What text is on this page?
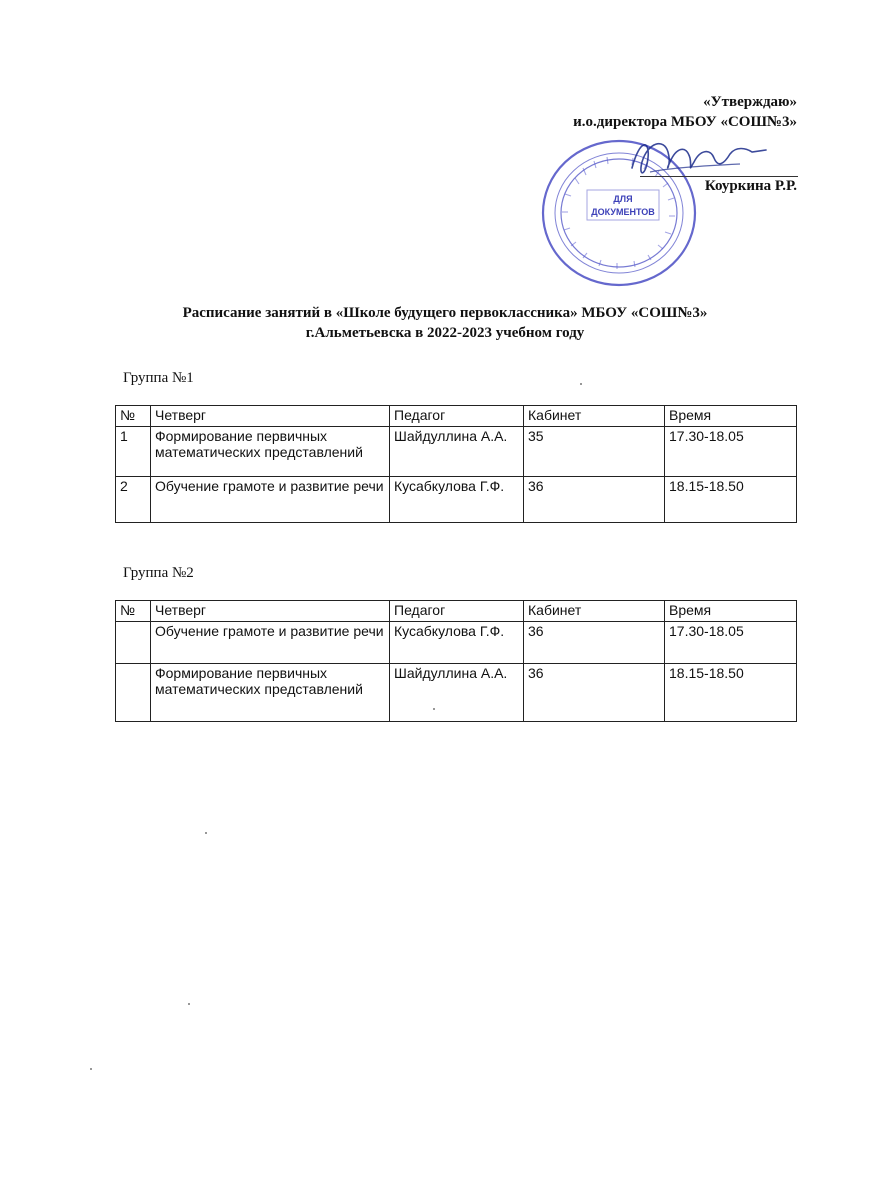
«Утверждаю»
и.о.директора МБОУ «СОШ№3»
ДЛЯ
ДОКУМЕНТОВ
Коуркина Р.Р.
Расписание занятий в «Школе будущего первоклассника» МБОУ «СОШ№3»
г.Альметьевска в 2022-2023 учебном году
Группа №1
№	Четверг	Педагог	Кабинет	Время
1	Формирование первичных математических представлений	Шайдуллина А.А.	35	17.30-18.05
2	Обучение грамоте и развитие речи	Кусабкулова Г.Ф.	36	18.15-18.50
Группа №2
№	Четверг	Педагог	Кабинет	Время
	Обучение грамоте и развитие речи	Кусабкулова Г.Ф.	36	17.30-18.05
	Формирование первичных математических представлений	Шайдуллина А.А.	36	18.15-18.50
